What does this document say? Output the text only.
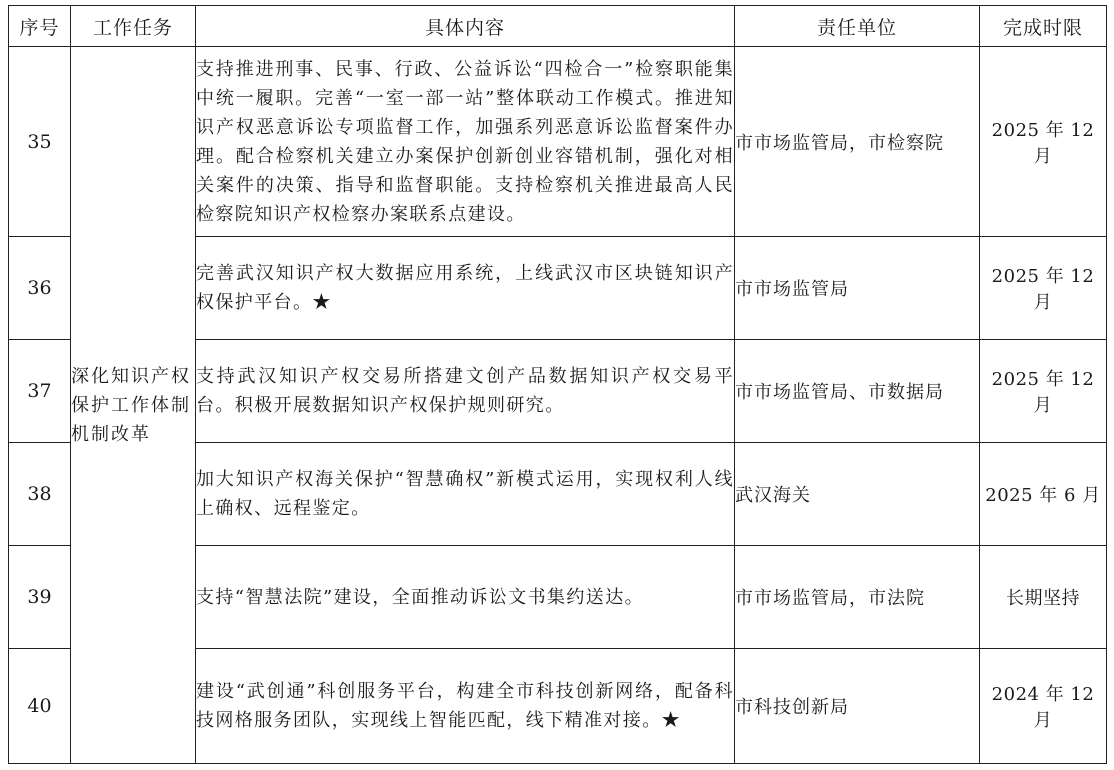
序号	工作任务	具体内容	责任单位	完成时限
35	深化知识产权保护工作体制机制改革	支持推进刑事、民事、行政、公益诉讼“四检合一”检察职能集中统一履职。完善“一室一部一站”整体联动工作模式。推进知识产权恶意诉讼专项监督工作，加强系列恶意诉讼监督案件办理。配合检察机关建立办案保护创新创业容错机制，强化对相关案件的决策、指导和监督职能。支持检察机关推进最高人民检察院知识产权检察办案联系点建设。	市市场监管局，市检察院	2025 年 12 月
36		完善武汉知识产权大数据应用系统，上线武汉市区块链知识产权保护平台。★	市市场监管局	2025 年 12 月
37		支持武汉知识产权交易所搭建文创产品数据知识产权交易平台。积极开展数据知识产权保护规则研究。	市市场监管局、市数据局	2025 年 12 月
38		加大知识产权海关保护“智慧确权”新模式运用，实现权利人线上确权、远程鉴定。	武汉海关	2025 年 6 月
39		支持“智慧法院”建设，全面推动诉讼文书集约送达。	市市场监管局，市法院	长期坚持
40		建设“武创通”科创服务平台，构建全市科技创新网络，配备科技网格服务团队，实现线上智能匹配，线下精准对接。★	市科技创新局	2024 年 12 月
